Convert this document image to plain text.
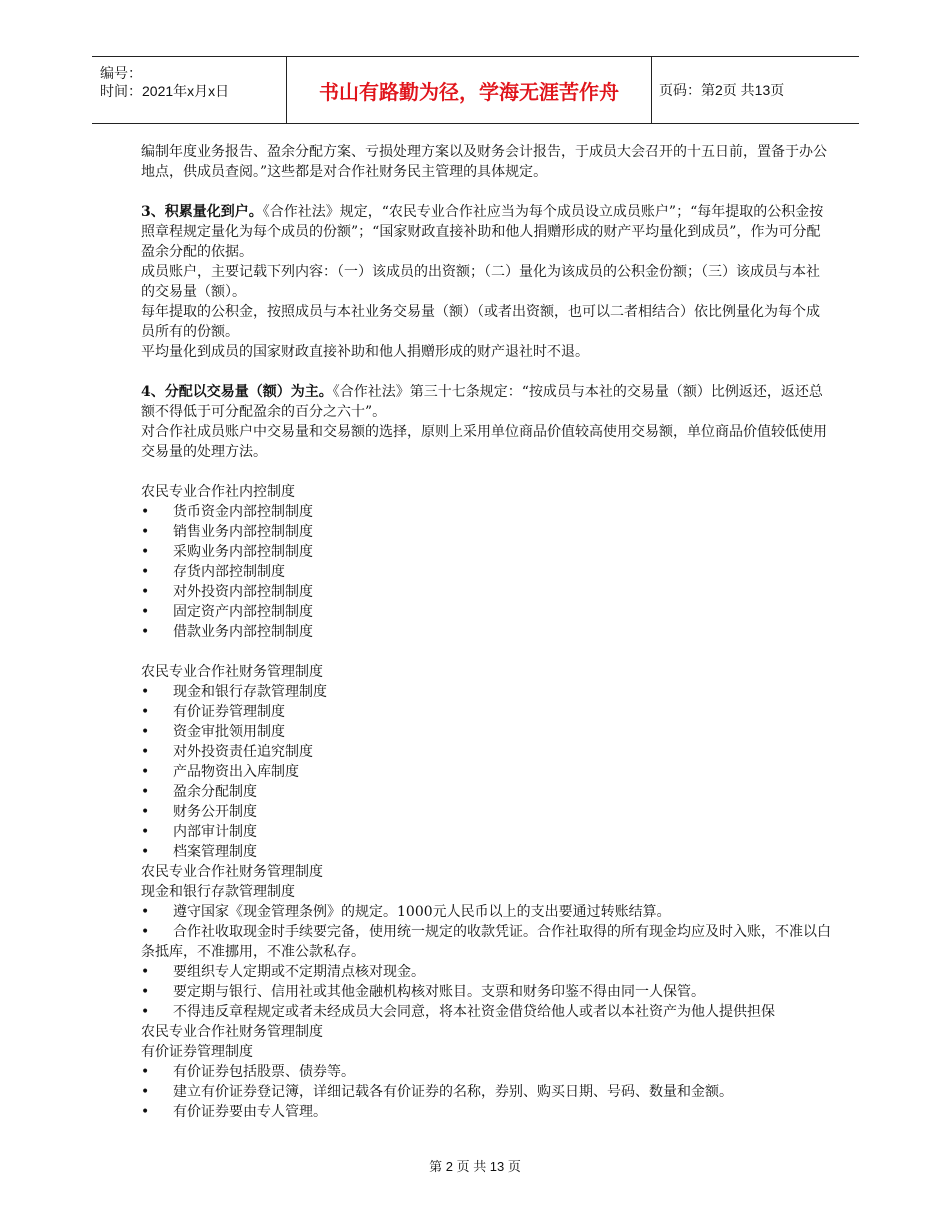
编号：
时间：2021年x月x日	书山有路勤为径，学海无涯苦作舟	页码：第2页 共13页

编制年度业务报告、盈余分配方案、亏损处理方案以及财务会计报告，于成员大会召开的十五日前，置备于办公地点，供成员查阅。”这些都是对合作社财务民主管理的具体规定。

3、积累量化到户。《合作社法》规定，“农民专业合作社应当为每个成员设立成员账户”；“每年提取的公积金按照章程规定量化为每个成员的份额”；“国家财政直接补助和他人捐赠形成的财产平均量化到成员”，作为可分配盈余分配的依据。

成员账户，主要记载下列内容：（一）该成员的出资额；（二）量化为该成员的公积金份额；（三）该成员与本社的交易量（额）。

每年提取的公积金，按照成员与本社业务交易量（额）（或者出资额，也可以二者相结合）依比例量化为每个成员所有的份额。

平均量化到成员的国家财政直接补助和他人捐赠形成的财产退社时不退。

4、分配以交易量（额）为主。《合作社法》第三十七条规定：“按成员与本社的交易量（额）比例返还，返还总额不得低于可分配盈余的百分之六十”。

对合作社成员账户中交易量和交易额的选择，原则上采用单位商品价值较高使用交易额，单位商品价值较低使用交易量的处理方法。

农民专业合作社内控制度

•	货币资金内部控制制度
•	销售业务内部控制制度
•	采购业务内部控制制度
•	存货内部控制制度
•	对外投资内部控制制度
•	固定资产内部控制制度
•	借款业务内部控制制度

农民专业合作社财务管理制度

•	现金和银行存款管理制度
•	有价证券管理制度
•	资金审批领用制度
•	对外投资责任追究制度
•	产品物资出入库制度
•	盈余分配制度
•	财务公开制度
•	内部审计制度
•	档案管理制度

农民专业合作社财务管理制度

现金和银行存款管理制度

• 遵守国家《现金管理条例》的规定。1000元人民币以上的支出要通过转账结算。
• 合作社收取现金时手续要完备，使用统一规定的收款凭证。合作社取得的所有现金均应及时入账，不准以白条抵库，不准挪用，不准公款私存。
• 要组织专人定期或不定期清点核对现金。
• 要定期与银行、信用社或其他金融机构核对账目。支票和财务印鉴不得由同一人保管。
• 不得违反章程规定或者未经成员大会同意，将本社资金借贷给他人或者以本社资产为他人提供担保

农民专业合作社财务管理制度

有价证券管理制度

• 有价证券包括股票、债券等。
• 建立有价证券登记簿，详细记载各有价证券的名称，券别、购买日期、号码、数量和金额。
• 有价证券要由专人管理。
第 2 页 共 13 页
